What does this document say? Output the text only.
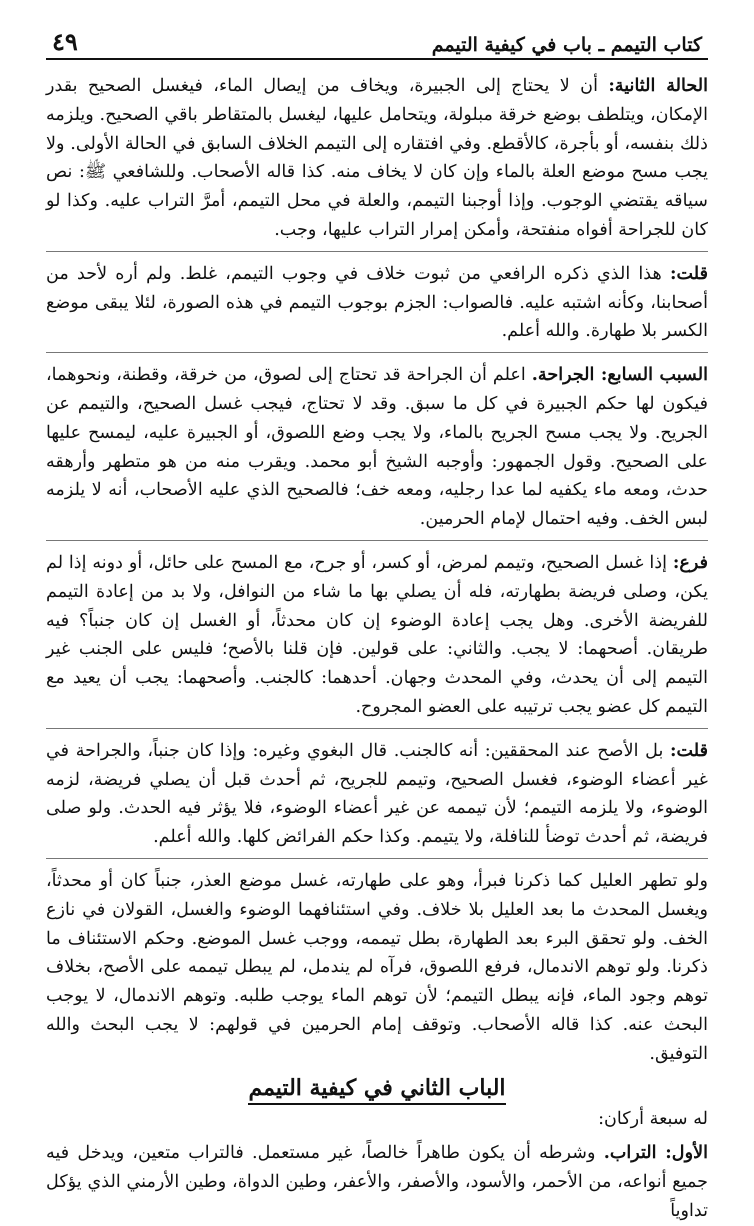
كتاب التيمم ـ باب في كيفية التيمم
٤٩

الحالة الثانية: أن لا يحتاج إلى الجبيرة، ويخاف من إيصال الماء، فيغسل الصحيح بقدر الإمكان، ويتلطف بوضع خرقة مبلولة، ويتحامل عليها، ليغسل بالمتقاطر باقي الصحيح. ويلزمه ذلك بنفسه، أو بأجرة، كالأقطع. وفي افتقاره إلى التيمم الخلاف السابق في الحالة الأولى. ولا يجب مسح موضع العلة بالماء وإن كان لا يخاف منه. كذا قاله الأصحاب. وللشافعي ﷺ: نص سياقه يقتضي الوجوب. وإذا أوجبنا التيمم، والعلة في محل التيمم، أمرَّ التراب عليه. وكذا لو كان للجراحة أفواه منفتحة، وأمكن إمرار التراب عليها، وجب.

قلت: هذا الذي ذكره الرافعي من ثبوت خلاف في وجوب التيمم، غلط. ولم أره لأحد من أصحابنا، وكأنه اشتبه عليه. فالصواب: الجزم بوجوب التيمم في هذه الصورة، لئلا يبقى موضع الكسر بلا طهارة. والله أعلم.

السبب السابع: الجراحة. اعلم أن الجراحة قد تحتاج إلى لصوق، من خرقة، وقطنة، ونحوهما، فيكون لها حكم الجبيرة في كل ما سبق. وقد لا تحتاج، فيجب غسل الصحيح، والتيمم عن الجريح. ولا يجب مسح الجريح بالماء، ولا يجب وضع اللصوق، أو الجبيرة عليه، ليمسح عليها على الصحيح. وقول الجمهور: وأوجبه الشيخ أبو محمد. ويقرب منه من هو متطهر وأرهقه حدث، ومعه ماء يكفيه لما عدا رجليه، ومعه خف؛ فالصحيح الذي عليه الأصحاب، أنه لا يلزمه لبس الخف. وفيه احتمال لإمام الحرمين.

فرع: إذا غسل الصحيح، وتيمم لمرض، أو كسر، أو جرح، مع المسح على حائل، أو دونه إذا لم يكن، وصلى فريضة بطهارته، فله أن يصلي بها ما شاء من النوافل، ولا بد من إعادة التيمم للفريضة الأخرى. وهل يجب إعادة الوضوء إن كان محدثاً، أو الغسل إن كان جنباً؟ فيه طريقان. أصحهما: لا يجب. والثاني: على قولين. فإن قلنا بالأصح؛ فليس على الجنب غير التيمم إلى أن يحدث، وفي المحدث وجهان. أحدهما: كالجنب. وأصحهما: يجب أن يعيد مع التيمم كل عضو يجب ترتيبه على العضو المجروح.

قلت: بل الأصح عند المحققين: أنه كالجنب. قال البغوي وغيره: وإذا كان جنباً، والجراحة في غير أعضاء الوضوء، فغسل الصحيح، وتيمم للجريح، ثم أحدث قبل أن يصلي فريضة، لزمه الوضوء، ولا يلزمه التيمم؛ لأن تيممه عن غير أعضاء الوضوء، فلا يؤثر فيه الحدث. ولو صلى فريضة، ثم أحدث توضأ للنافلة، ولا يتيمم. وكذا حكم الفرائض كلها. والله أعلم.

ولو تطهر العليل كما ذكرنا فبرأ، وهو على طهارته، غسل موضع العذر، جنباً كان أو محدثاً، ويغسل المحدث ما بعد العليل بلا خلاف. وفي استئنافهما الوضوء والغسل، القولان في نازع الخف. ولو تحقق البرء بعد الطهارة، بطل تيممه، ووجب غسل الموضع. وحكم الاستئناف ما ذكرنا. ولو توهم الاندمال، فرفع اللصوق، فرآه لم يندمل، لم يبطل تيممه على الأصح، بخلاف توهم وجود الماء، فإنه يبطل التيمم؛ لأن توهم الماء يوجب طلبه. وتوهم الاندمال، لا يوجب البحث عنه. كذا قاله الأصحاب. وتوقف إمام الحرمين في قولهم: لا يجب البحث والله التوفيق.

الباب الثاني في كيفية التيمم

له سبعة أركان:

الأول: التراب. وشرطه أن يكون طاهراً خالصاً، غير مستعمل. فالتراب متعين، ويدخل فيه جميع أنواعه، من الأحمر، والأسود، والأصفر، والأعفر، وطين الدواة، وطين الأرمني الذي يؤكل تداوياً
